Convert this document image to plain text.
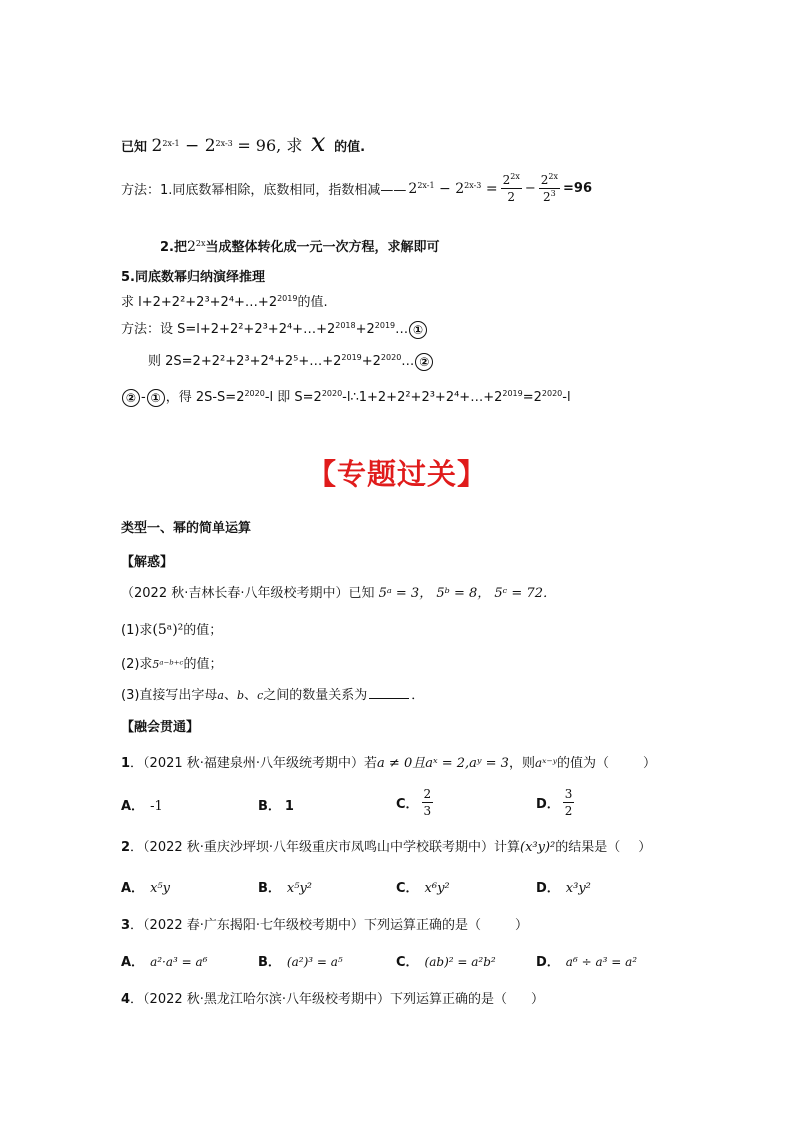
已知 $2^{2x-1} - 2^{2x-3} = 96$, 求 x 的值.
方法：1.同底数幂相除，底数相同，指数相减—— $2^{2x-1} - 2^{2x-3} = \frac{2^{2x}}{2} - \frac{2^{2x}}{2^3} =96$
2.把$2^{2x}$当成整体转化成一元一次方程，求解即可
5.同底数幂归纳演绎推理
求 $l+2+2^2+2^3+2^4+\dots+2^{2019}$的值.
方法：设 $S=l+2+2^2+2^3+2^4+\dots+2^{2018}+2^{2019}\dots$ ①
则 $2S=2+2^2+2^3+2^4+2^5+\dots+2^{2019}+2^{2020}\dots$ ②
② - ① ，得 $2S-S=2^{2020}-l$ 即 $S=2^{2020}-l\therefore 1+2+2^2+2^3+2^4+\dots+2^{2019}=2^{2020}-l$
【专题过关】
类型一、幂的简单运算
【解惑】
（2022 秋·吉林长春·八年级校考期中）已知 5ᵃ = 3， 5ᵇ = 8， 5ᶜ = 72．
(1)求(5ᵃ)²的值；
(2)求5ᵃ⁻ᵇ⁺ᶜ的值；
(3)直接写出字母a、b、c之间的数量关系为	．
【融会贯通】
1．（2021 秋·福建泉州·八年级统考期中）若a ≠ 0且aˣ = 2,aʸ = 3，则aˣ⁻ʸ的值为（	）
A． -1	B． 1	C． $\frac{2}{3}$	D． $\frac{3}{2}$
2．（2022 秋·重庆沙坪坝·八年级重庆市凤鸣山中学校联考期中）计算(x³y)²的结果是（ ）
A． x⁵y	B． x⁵y²	C． x⁶y²	D． x³y²
3．（2022 春·广东揭阳·七年级校考期中）下列运算正确的是（	）
A． a²·a³ = a⁶	B． (a²)³ = a⁵	C． (ab)² = a²b²	D． a⁶ ÷ a³ = a²
4．（2022 秋·黑龙江哈尔滨·八年级校考期中）下列运算正确的是（ ）
